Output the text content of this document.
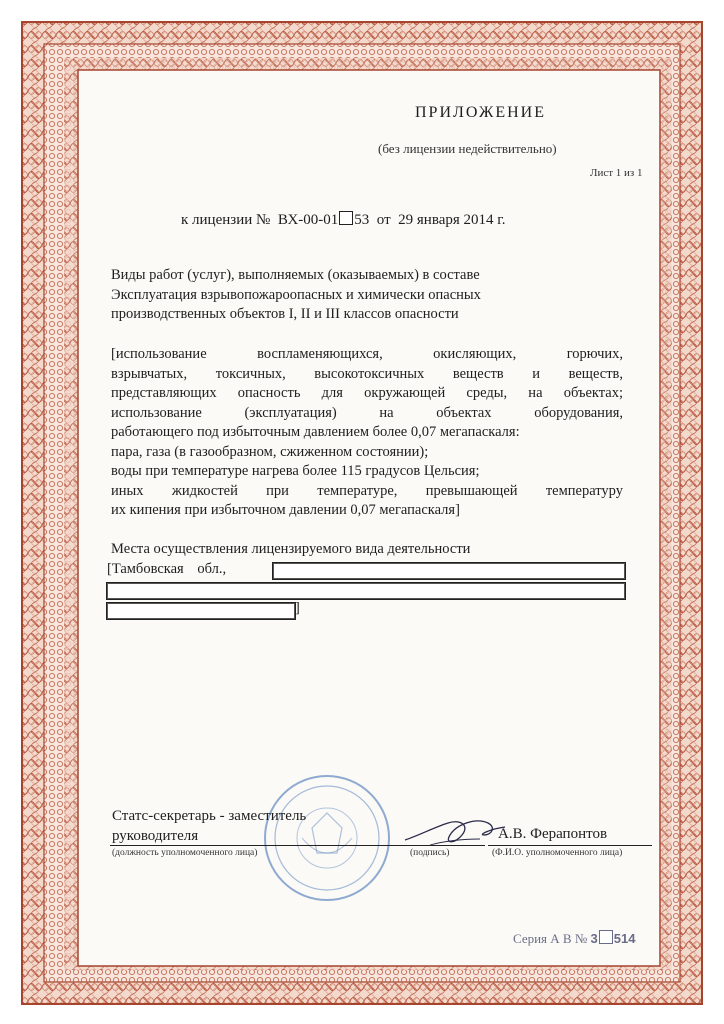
ПРИЛОЖЕНИЕ
(без лицензии недействительно)
Лист 1 из 1
к лицензии № ВХ-00-01 53 от 29 января 2014 г.
Виды работ (услуг), выполняемых (оказываемых) в составе
Эксплуатация взрывопожароопасных и химически опасных
производственных объектов I, II и III классов опасности
[использование воспламеняющихся, окисляющих, горючих,
взрывчатых, токсичных, высокотоксичных веществ и веществ,
представляющих опасность для окружающей среды, на объектах;
использование (эксплуатация) на объектах оборудования,
работающего под избыточным давлением более 0,07 мегапаскаля:
пара, газа (в газообразном, сжиженном состоянии);
воды при температуре нагрева более 115 градусов Цельсия;
иных жидкостей при температуре, превышающей температуру
их кипения при избыточном давлении 0,07 мегапаскаля]
Места осуществления лицензируемого вида деятельности
[Тамбовская обл.,
]
Статс-секретарь - заместитель
руководителя	А.В. Ферапонтов
(должность уполномоченного лица)	(подпись)	(Ф.И.О. уполномоченного лица)
Серия А В № 3 514
